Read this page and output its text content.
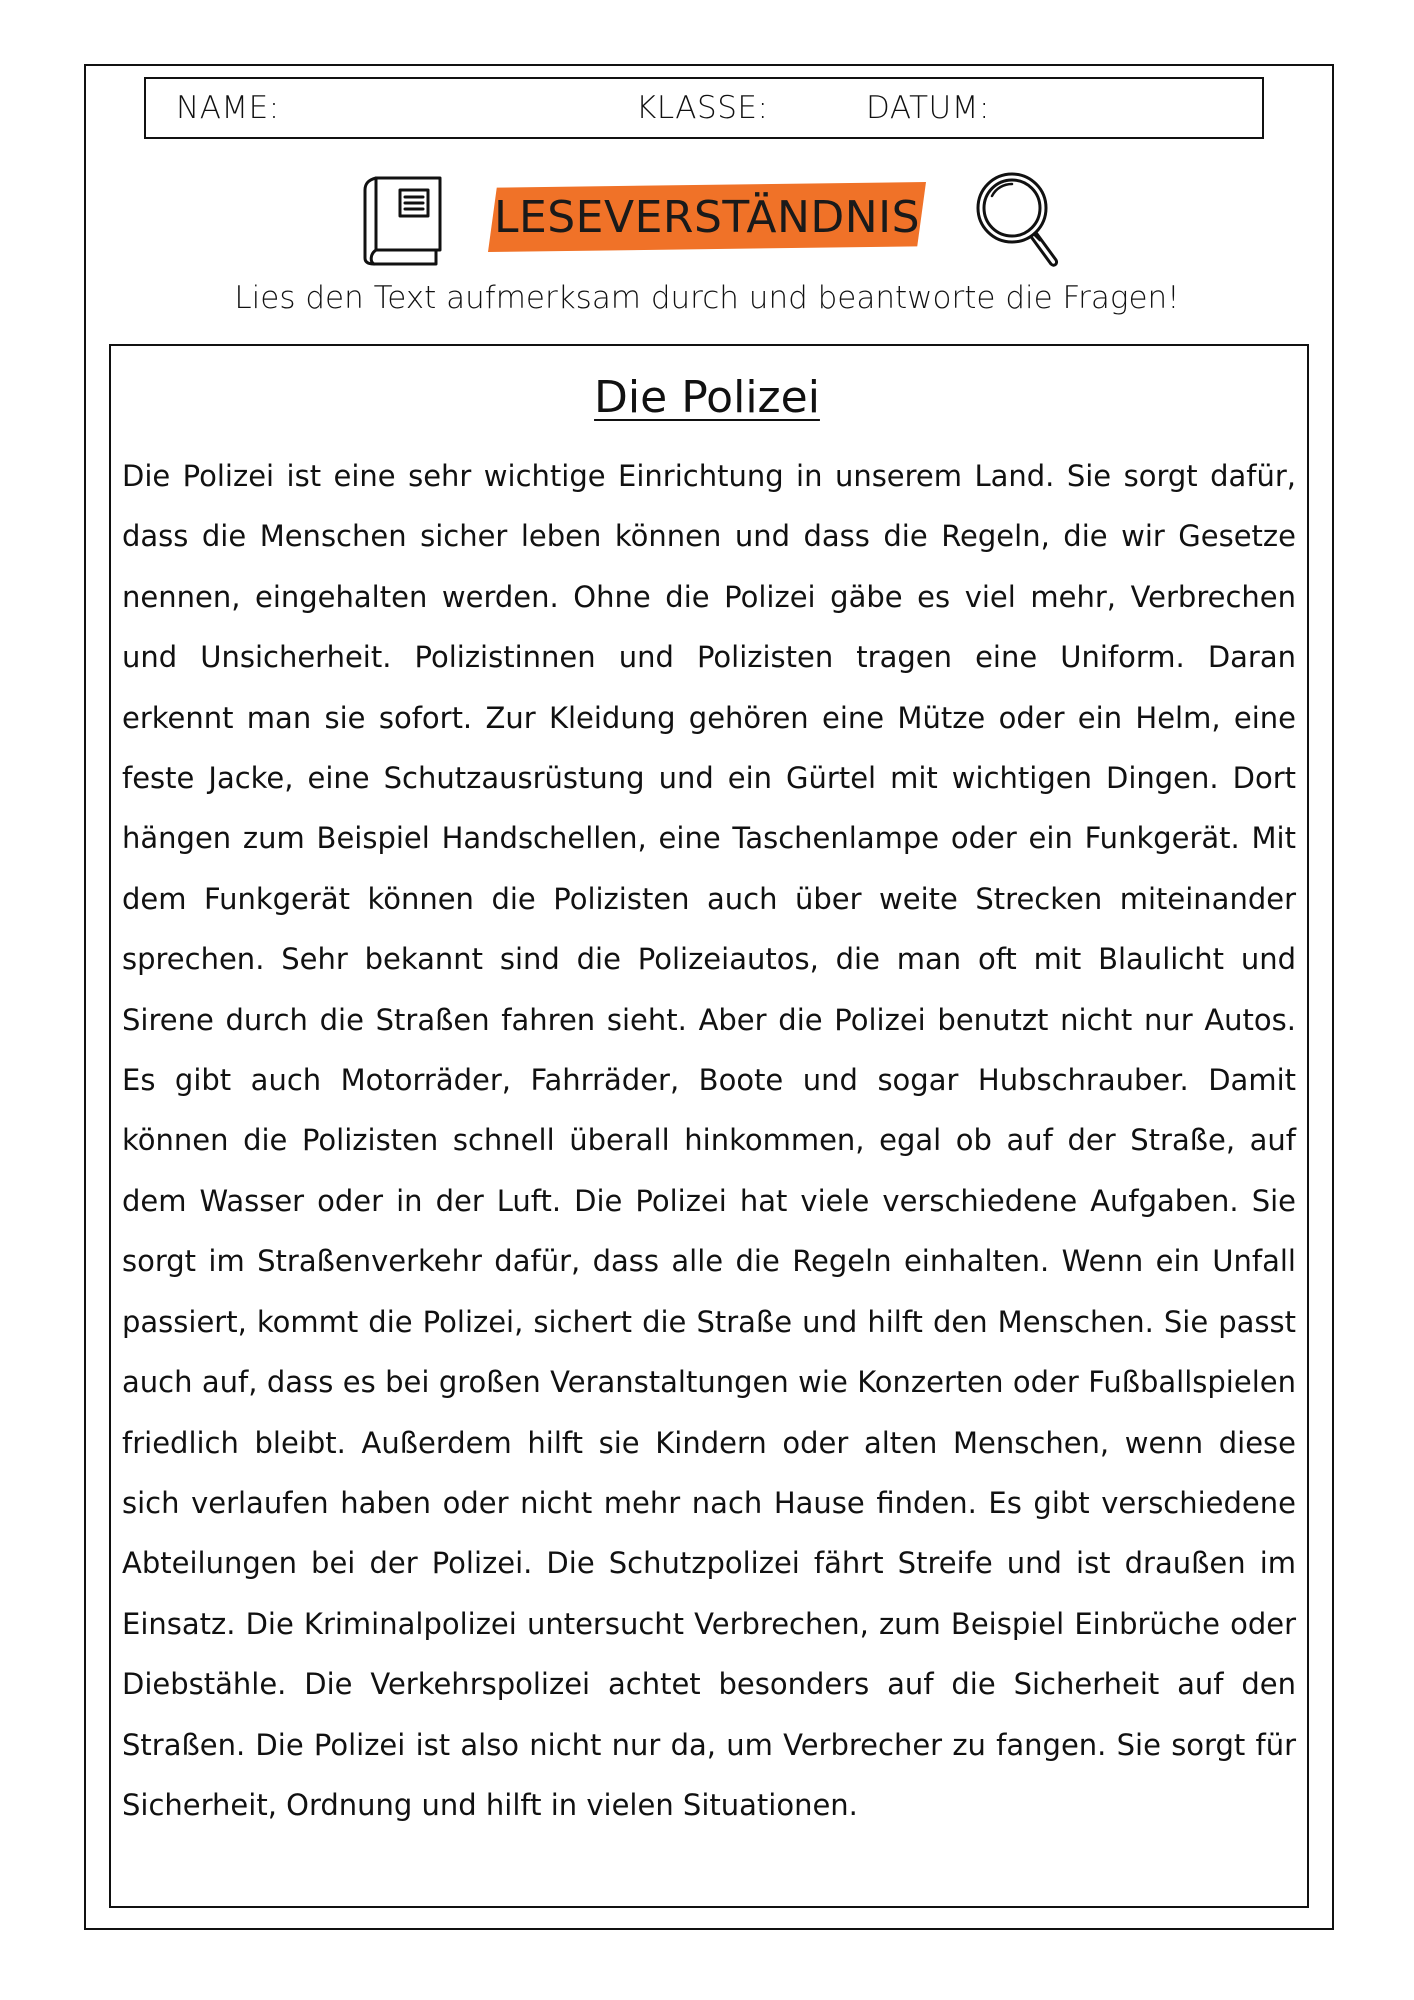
NAME:	KLASSE:	DATUM:
LESEVERSTÄNDNIS
Lies den Text aufmerksam durch und beantworte die Fragen!
Die Polizei

Die Polizei ist eine sehr wichtige Einrichtung in unserem Land. Sie sorgt dafür, dass die Menschen sicher leben können und dass die Regeln, die wir Gesetze nennen, eingehalten werden. Ohne die Polizei gäbe es viel mehr, Verbrechen und Unsicherheit. Polizistinnen und Polizisten tragen eine Uniform. Daran erkennt man sie sofort. Zur Kleidung gehören eine Mütze oder ein Helm, eine feste Jacke, eine Schutzausrüstung und ein Gürtel mit wichtigen Dingen. Dort hängen zum Beispiel Handschellen, eine Taschenlampe oder ein Funkgerät. Mit dem Funkgerät können die Polizisten auch über weite Strecken miteinander sprechen. Sehr bekannt sind die Polizeiautos, die man oft mit Blaulicht und Sirene durch die Straßen fahren sieht. Aber die Polizei benutzt nicht nur Autos. Es gibt auch Motorräder, Fahrräder, Boote und sogar Hubschrauber. Damit können die Polizisten schnell überall hinkommen, egal ob auf der Straße, auf dem Wasser oder in der Luft. Die Polizei hat viele verschiedene Aufgaben. Sie sorgt im Straßenverkehr dafür, dass alle die Regeln einhalten. Wenn ein Unfall passiert, kommt die Polizei, sichert die Straße und hilft den Menschen. Sie passt auch auf, dass es bei großen Veranstaltungen wie Konzerten oder Fußballspielen friedlich bleibt. Außerdem hilft sie Kindern oder alten Menschen, wenn diese sich verlaufen haben oder nicht mehr nach Hause finden. Es gibt verschiedene Abteilungen bei der Polizei. Die Schutzpolizei fährt Streife und ist draußen im Einsatz. Die Kriminalpolizei untersucht Verbrechen, zum Beispiel Einbrüche oder Diebstähle. Die Verkehrspolizei achtet besonders auf die Sicherheit auf den Straßen. Die Polizei ist also nicht nur da, um Verbrecher zu fangen. Sie sorgt für Sicherheit, Ordnung und hilft in vielen Situationen.
